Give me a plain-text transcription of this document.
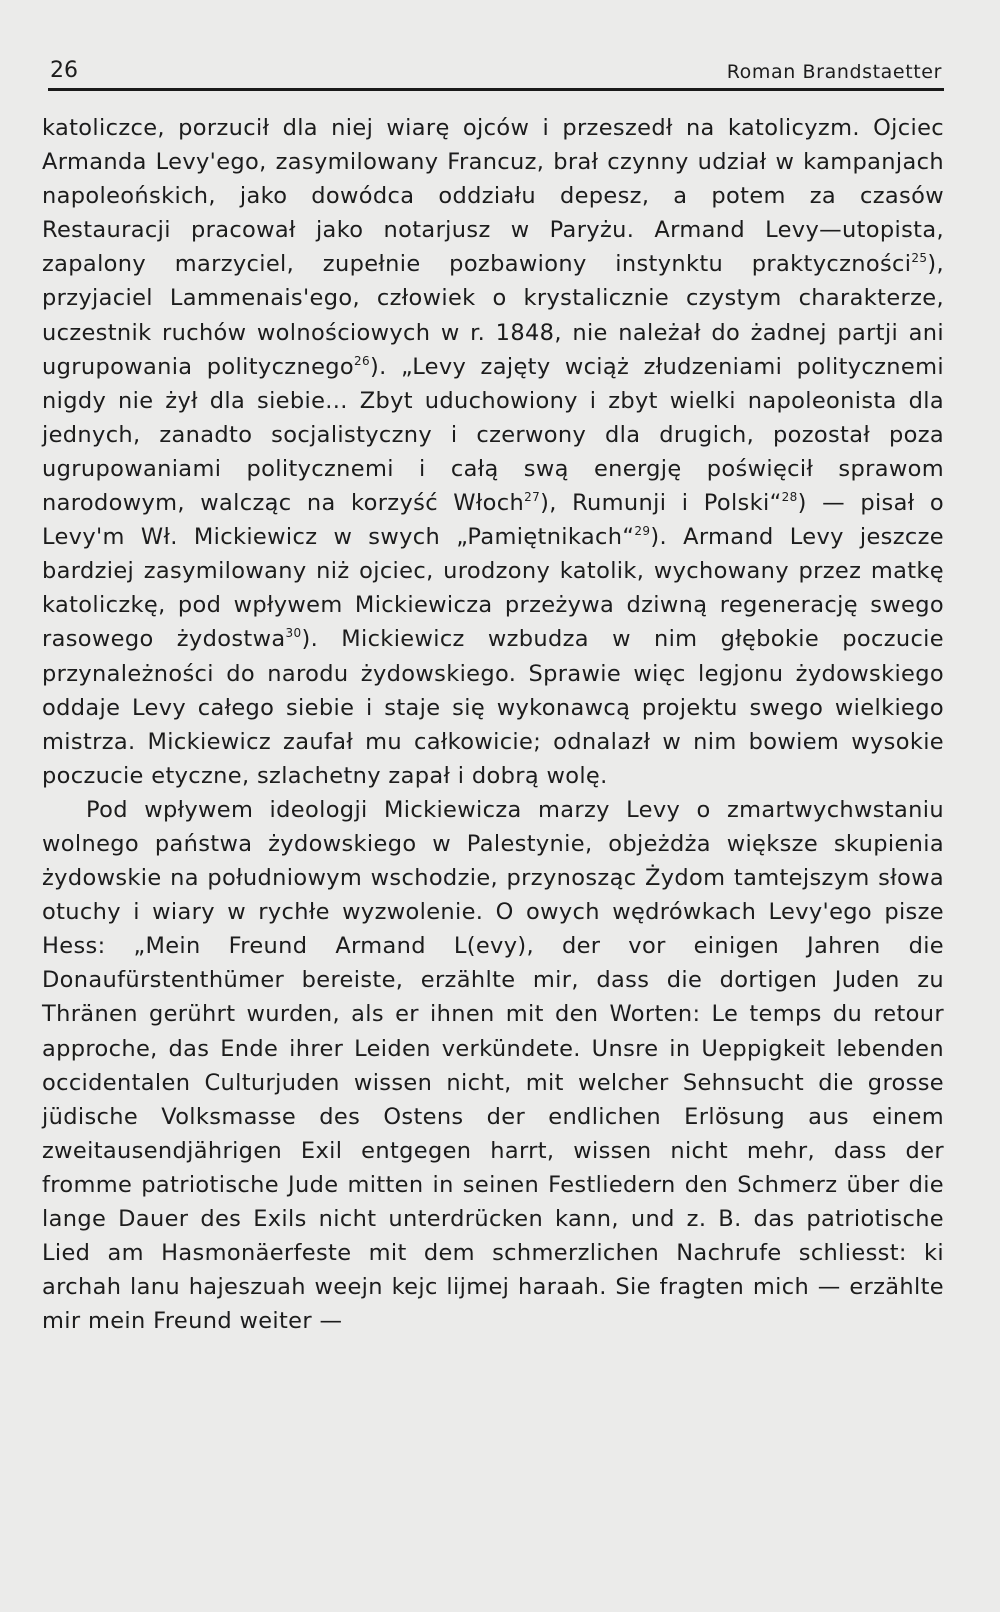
26	Roman Brandstaetter

katoliczce, porzucił dla niej wiarę ojców i przeszedł na katolicyzm. Ojciec Armanda Levy'ego, zasymilowany Francuz, brał czynny udział w kampanjach napoleońskich, jako dowódca oddziału depesz, a potem za czasów Restauracji pracował jako notarjusz w Paryżu. Armand Levy—utopista, zapalony marzyciel, zupełnie pozbawiony instynktu praktyczności$^{25}$), przyjaciel Lammenais'ego, człowiek o krystalicznie czystym charakterze, uczestnik ruchów wolnościowych w r. 1848, nie należał do żadnej partji ani ugrupowania politycznego$^{26}$). „Levy zajęty wciąż złudzeniami politycznemi nigdy nie żył dla siebie... Zbyt uduchowiony i zbyt wielki napoleonista dla jednych, zanadto socjalistyczny i czerwony dla drugich, pozostał poza ugrupowaniami politycznemi i całą swą energję poświęcił sprawom narodowym, walcząc na korzyść Włoch$^{27}$), Rumunji i Polski“$^{28}$) — pisał o Levy'm Wł. Mickiewicz w swych „Pamiętnikach“$^{29}$). Armand Levy jeszcze bardziej zasymilowany niż ojciec, urodzony katolik, wychowany przez matkę katoliczkę, pod wpływem Mickiewicza przeżywa dziwną regenerację swego rasowego żydostwa$^{30}$). Mickiewicz wzbudza w nim głębokie poczucie przynależności do narodu żydowskiego. Sprawie więc legjonu żydowskiego oddaje Levy całego siebie i staje się wykonawcą projektu swego wielkiego mistrza. Mickiewicz zaufał mu całkowicie; odnalazł w nim bowiem wysokie poczucie etyczne, szlachetny zapał i dobrą wolę.

Pod wpływem ideologji Mickiewicza marzy Levy o zmartwychwstaniu wolnego państwa żydowskiego w Palestynie, objeżdża większe skupienia żydowskie na południowym wschodzie, przynosząc Żydom tamtejszym słowa otuchy i wiary w rychłe wyzwolenie. O owych wędrówkach Levy'ego pisze Hess: „Mein Freund Armand L(evy), der vor einigen Jahren die Donaufürstenthümer bereiste, erzählte mir, dass die dortigen Juden zu Thränen gerührt wurden, als er ihnen mit den Worten: Le temps du retour approche, das Ende ihrer Leiden verkündete. Unsre in Ueppigkeit lebenden occidentalen Culturjuden wissen nicht, mit welcher Sehnsucht die grosse jüdische Volksmasse des Ostens der endlichen Erlösung aus einem zweitausendjährigen Exil entgegen harrt, wissen nicht mehr, dass der fromme patriotische Jude mitten in seinen Festliedern den Schmerz über die lange Dauer des Exils nicht unterdrücken kann, und z. B. das patriotische Lied am Hasmonäerfeste mit dem schmerzlichen Nachrufe schliesst: ki archah lanu hajeszuah weejn kejc lijmej haraah. Sie fragten mich — erzählte mir mein Freund weiter —
